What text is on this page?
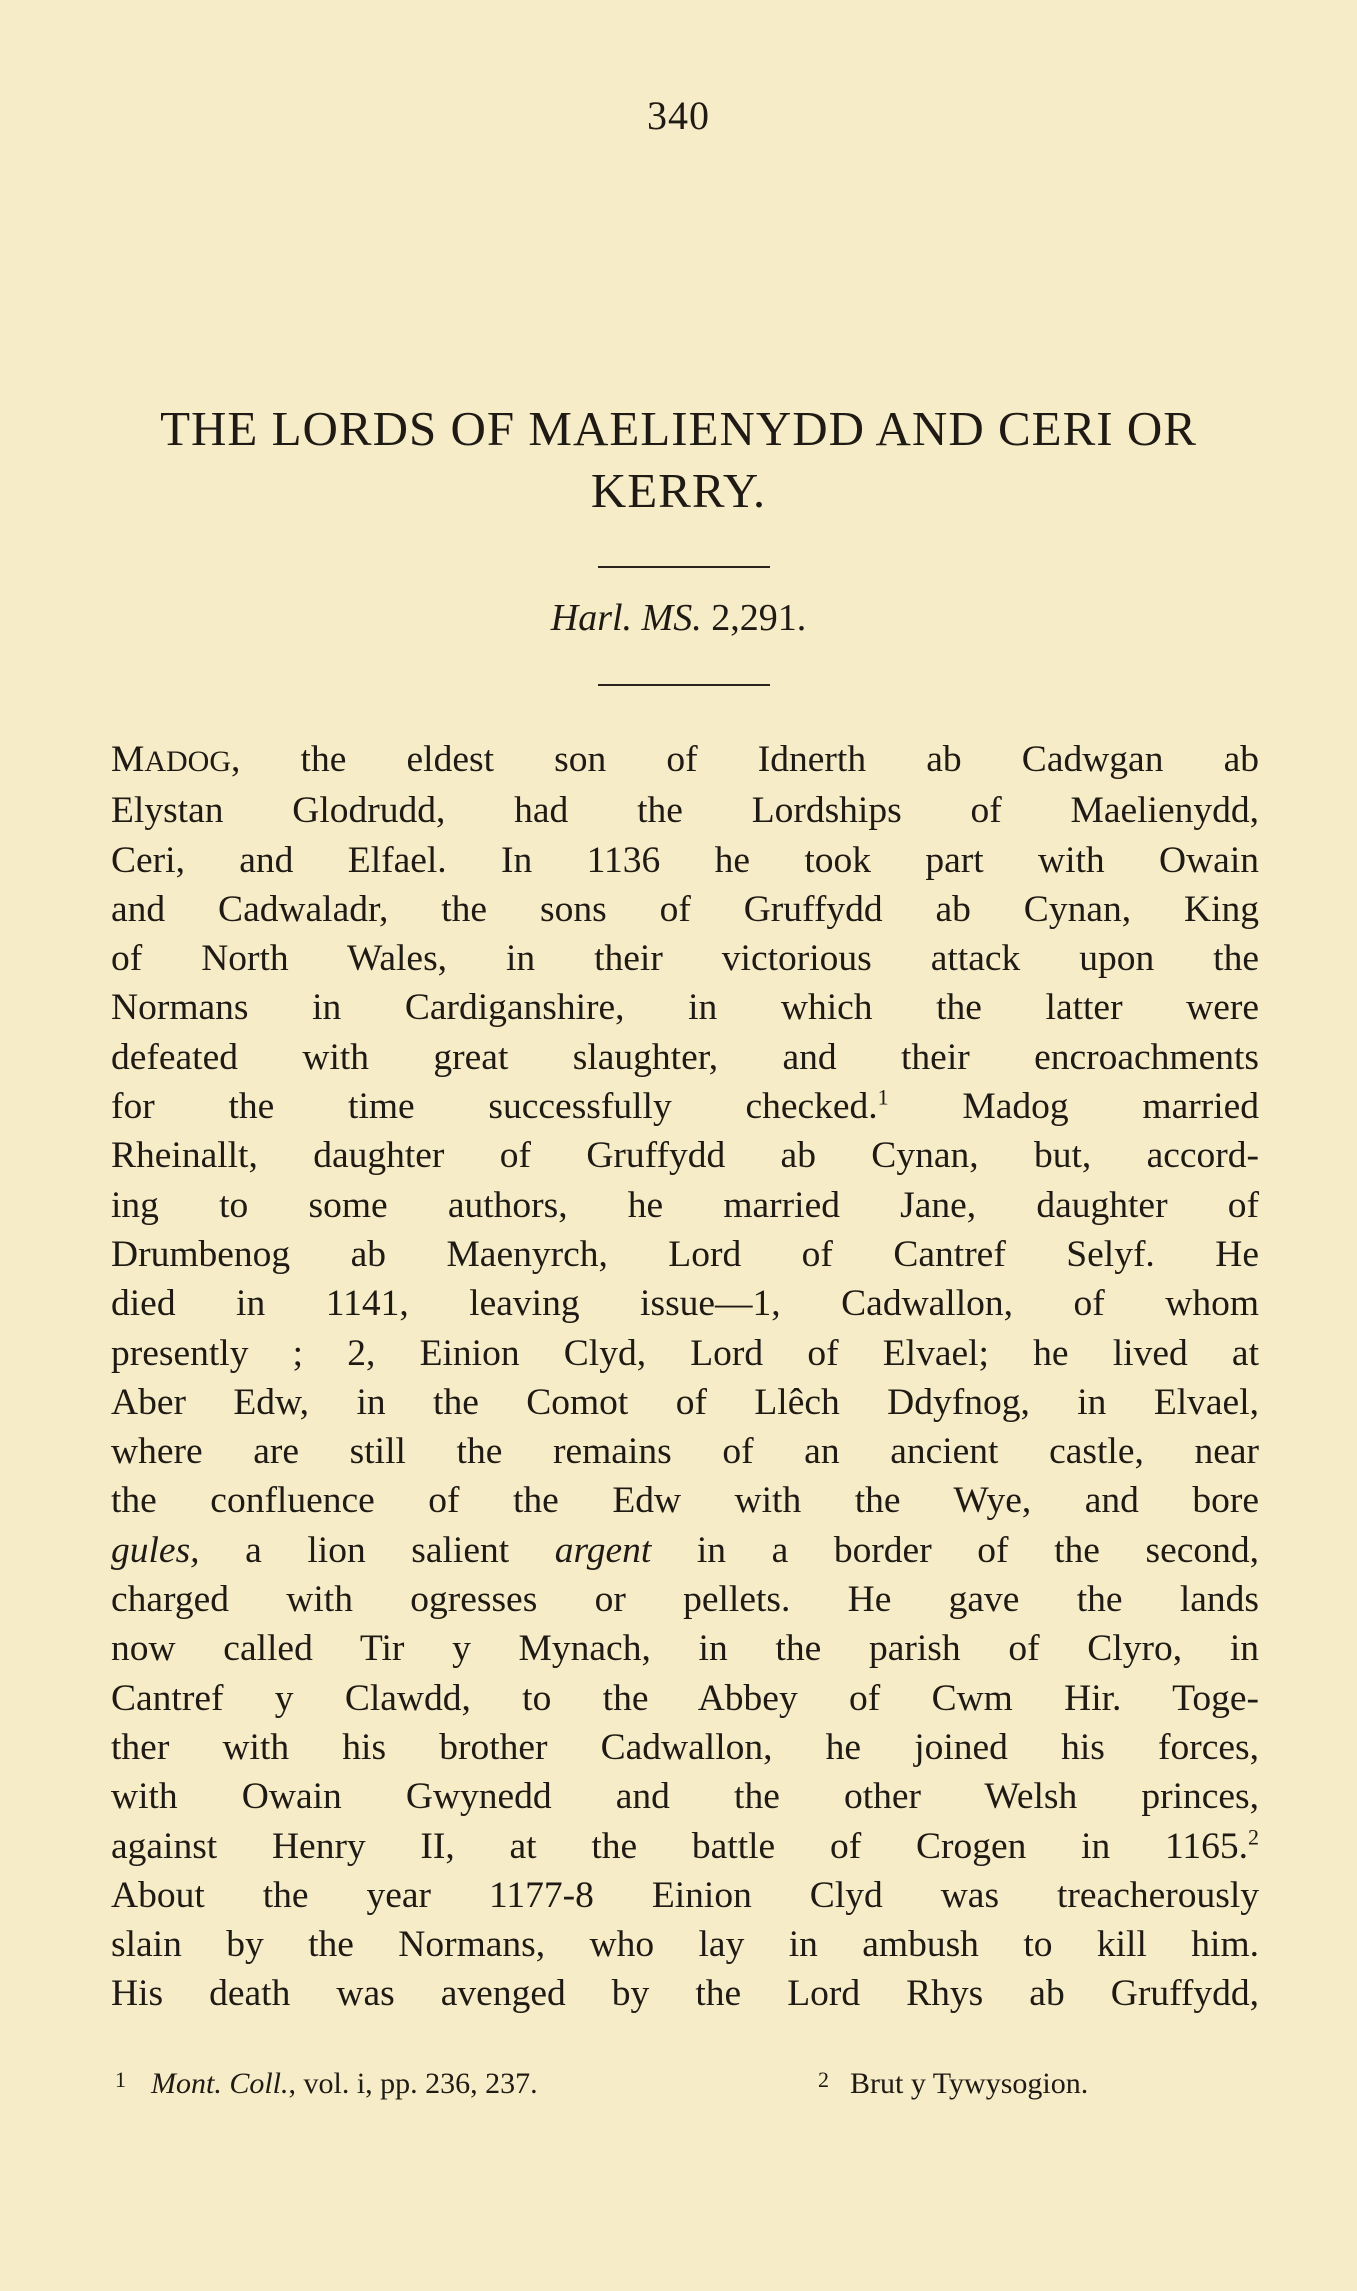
340
THE LORDS OF MAELIENYDD AND CERI OR KERRY.
Harl. MS. 2,291.
MADOG, the eldest son of Idnerth ab Cadwgan ab
Elystan Glodrudd, had the Lordships of Maelienydd,
Ceri, and Elfael. In 1136 he took part with Owain
and Cadwaladr, the sons of Gruffydd ab Cynan, King
of North Wales, in their victorious attack upon the
Normans in Cardiganshire, in which the latter were
defeated with great slaughter, and their encroachments
for the time successfully checked.$^1$ Madog married
Rheinallt, daughter of Gruffydd ab Cynan, but, accord-
ing to some authors, he married Jane, daughter of
Drumbenog ab Maenyrch, Lord of Cantref Selyf. He
died in 1141, leaving issue—1, Cadwallon, of whom
presently ; 2, Einion Clyd, Lord of Elvael; he lived at
Aber Edw, in the Comot of Llêch Ddyfnog, in Elvael,
where are still the remains of an ancient castle, near
the confluence of the Edw with the Wye, and bore
gules, a lion salient argent in a border of the second,
charged with ogresses or pellets. He gave the lands
now called Tir y Mynach, in the parish of Clyro, in
Cantref y Clawdd, to the Abbey of Cwm Hir. Toge-
ther with his brother Cadwallon, he joined his forces,
with Owain Gwynedd and the other Welsh princes,
against Henry II, at the battle of Crogen in 1165.$^2$
About the year 1177-8 Einion Clyd was treacherously
slain by the Normans, who lay in ambush to kill him.
His death was avenged by the Lord Rhys ab Gruffydd,
1 Mont. Coll., vol. i, pp. 236, 237.	2 Brut y Tywysogion.
